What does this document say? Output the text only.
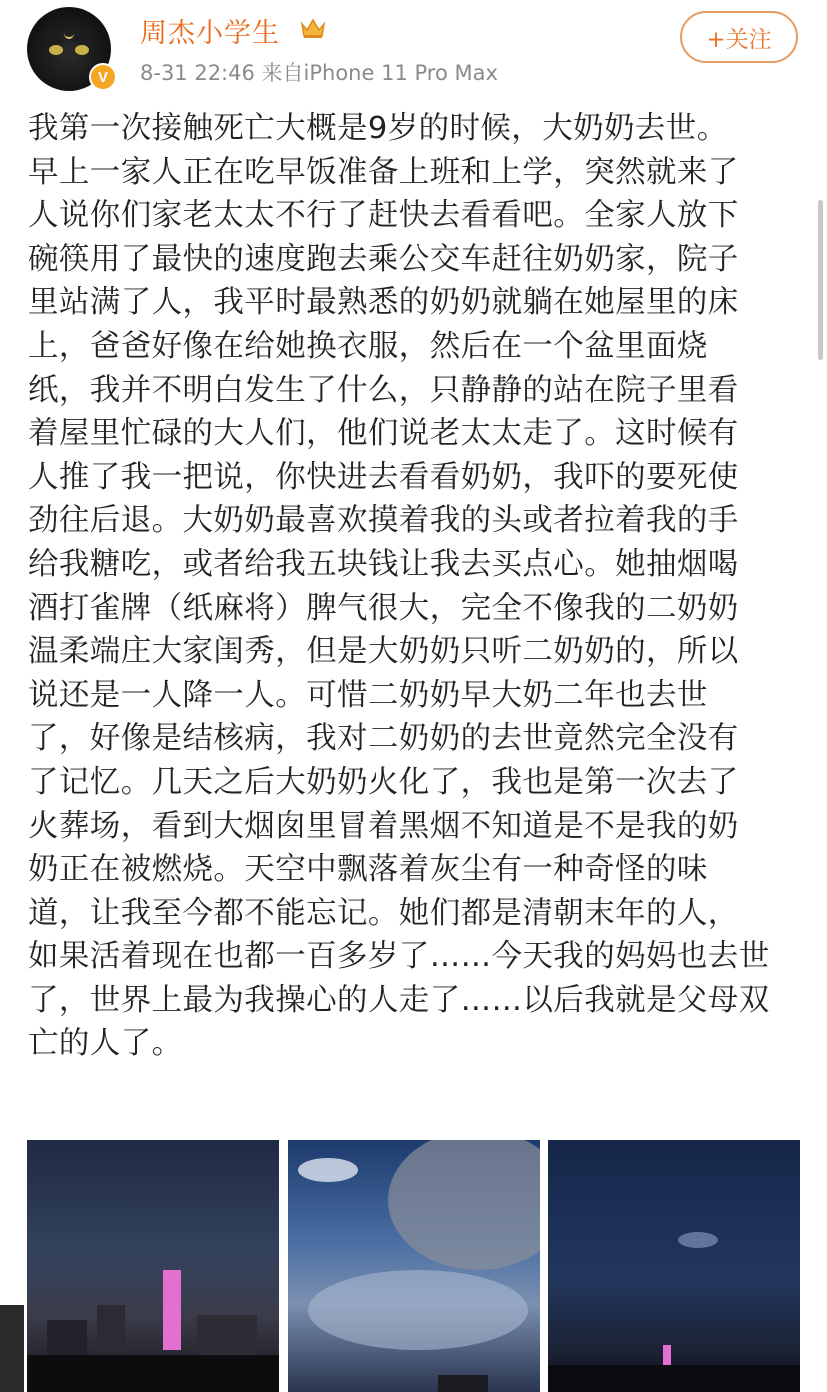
V
周杰小学生
8-31 22:46 来自iPhone 11 Pro Max
+关注
我第一次接触死亡大概是9岁的时候，大奶奶去世。
早上一家人正在吃早饭准备上班和上学，突然就来了
人说你们家老太太不行了赶快去看看吧。全家人放下
碗筷用了最快的速度跑去乘公交车赶往奶奶家，院子
里站满了人，我平时最熟悉的奶奶就躺在她屋里的床
上，爸爸好像在给她换衣服，然后在一个盆里面烧
纸，我并不明白发生了什么，只静静的站在院子里看
着屋里忙碌的大人们，他们说老太太走了。这时候有
人推了我一把说，你快进去看看奶奶，我吓的要死使
劲往后退。大奶奶最喜欢摸着我的头或者拉着我的手
给我糖吃，或者给我五块钱让我去买点心。她抽烟喝
酒打雀牌（纸麻将）脾气很大，完全不像我的二奶奶
温柔端庄大家闺秀，但是大奶奶只听二奶奶的，所以
说还是一人降一人。可惜二奶奶早大奶二年也去世
了，好像是结核病，我对二奶奶的去世竟然完全没有
了记忆。几天之后大奶奶火化了，我也是第一次去了
火葬场，看到大烟囱里冒着黑烟不知道是不是我的奶
奶正在被燃烧。天空中飘落着灰尘有一种奇怪的味
道，让我至今都不能忘记。她们都是清朝末年的人，
如果活着现在也都一百多岁了……今天我的妈妈也去世
了，世界上最为我操心的人走了……以后我就是父母双
亡的人了。
